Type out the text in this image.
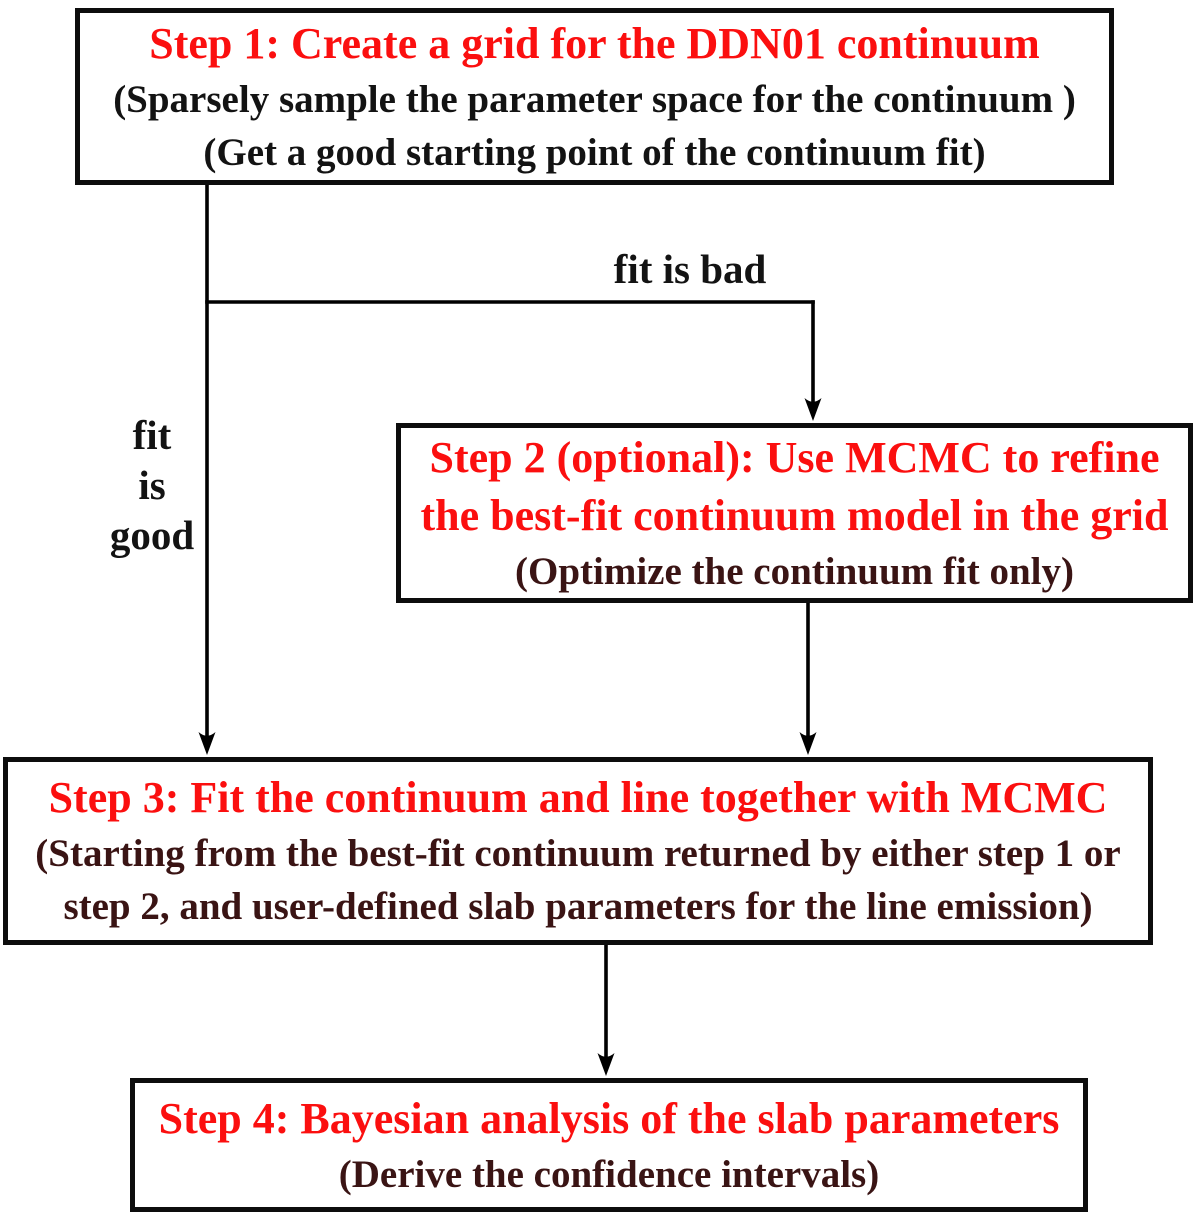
Step 1: Create a grid for the DDN01 continuum
(Sparsely sample the parameter space for the continuum )
(Get a good starting point of the continuum fit)
fit is bad
fit
is
good
Step 2 (optional): Use MCMC to refine
the best-fit continuum model in the grid
(Optimize the continuum fit only)
Step 3: Fit the continuum and line together with MCMC
(Starting from the best-fit continuum returned by either step 1 or
step 2, and user-defined slab parameters for the line emission)
Step 4: Bayesian analysis of the slab parameters
(Derive the confidence intervals)
